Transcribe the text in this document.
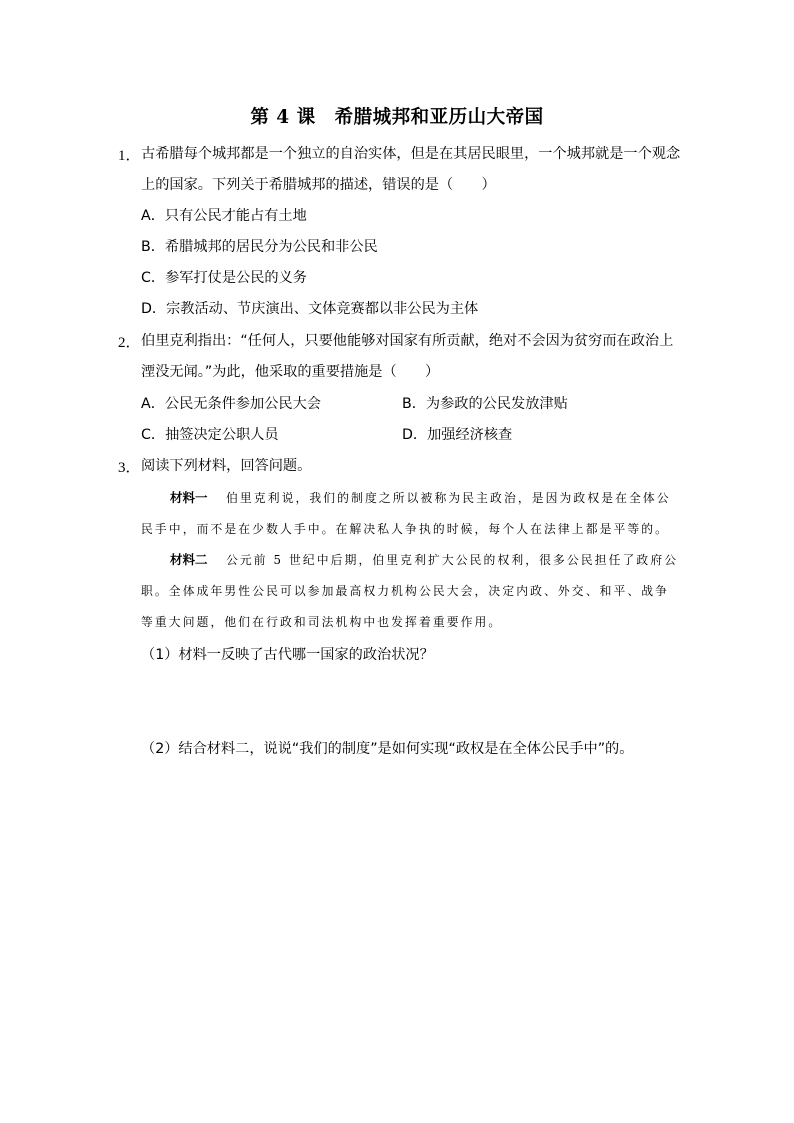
第 4 课　希腊城邦和亚历山大帝国
1． 古希腊每个城邦都是一个独立的自治实体，但是在其居民眼里，一个城邦就是一个观念
上的国家。下列关于希腊城邦的描述，错误的是（　　）
A．只有公民才能占有土地
B．希腊城邦的居民分为公民和非公民
C．参军打仗是公民的义务
D．宗教活动、节庆演出、文体竞赛都以非公民为主体
2． 伯里克利指出：“任何人，只要他能够对国家有所贡献，绝对不会因为贫穷而在政治上
湮没无闻。”为此，他采取的重要措施是（　　）
A．公民无条件参加公民大会	B．为参政的公民发放津贴
C．抽签决定公职人员	D．加强经济核查
3． 阅读下列材料，回答问题。
材料一 伯里克利说，我们的制度之所以被称为民主政治，是因为政权是在全体公
民手中，而不是在少数人手中。在解决私人争执的时候，每个人在法律上都是平等的。
材料二 公元前 5 世纪中后期，伯里克利扩大公民的权利，很多公民担任了政府公
职。全体成年男性公民可以参加最高权力机构公民大会，决定内政、外交、和平、战争
等重大问题，他们在行政和司法机构中也发挥着重要作用。
（1）材料一反映了古代哪一国家的政治状况？
（2）结合材料二，说说“我们的制度”是如何实现“政权是在全体公民手中”的。
